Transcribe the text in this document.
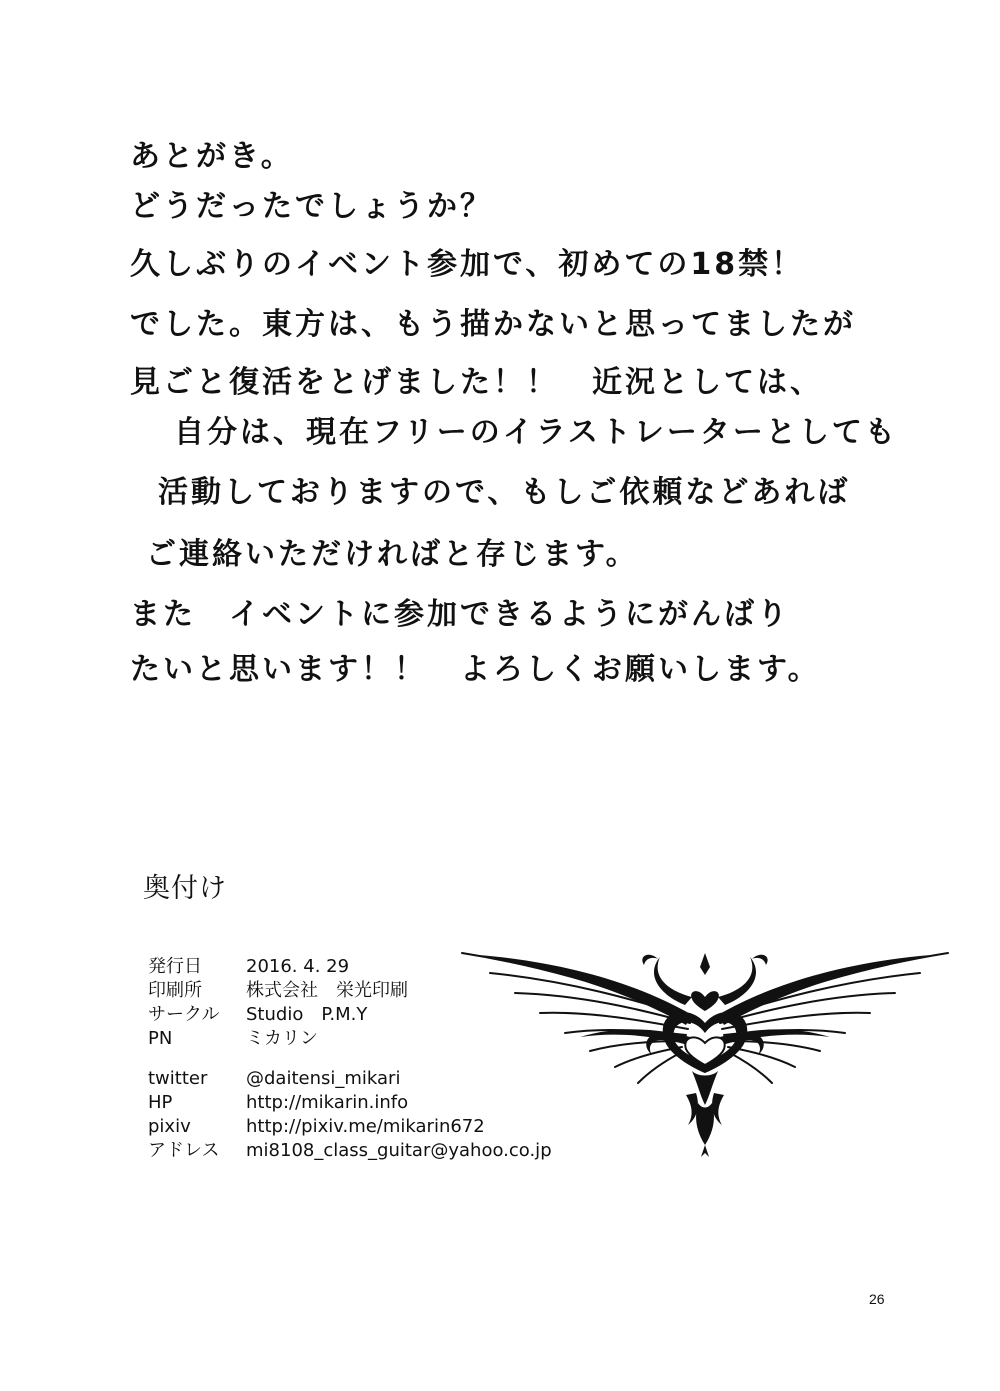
あとがき。
どうだったでしょうか？
久しぶりのイベント参加で、初めての18禁！
でした。東方は、もう描かないと思ってましたが
見ごと復活をとげました！！　近況としては、
自分は、現在フリーのイラストレーターとしても
活動しておりますので、もしご依頼などあれば
ご連絡いただければと存じます。
また　イベントに参加できるようにがんばり
たいと思います！！　よろしくお願いします。
奥付け
発行日	2016. 4. 29
印刷所	株式会社　栄光印刷
サークル	Studio　P.M.Y
PN	ミカリン
twitter	@daitensi_mikari
HP	http://mikarin.info
pixiv	http://pixiv.me/mikarin672
アドレス	mi8108_class_guitar@yahoo.co.jp
26
